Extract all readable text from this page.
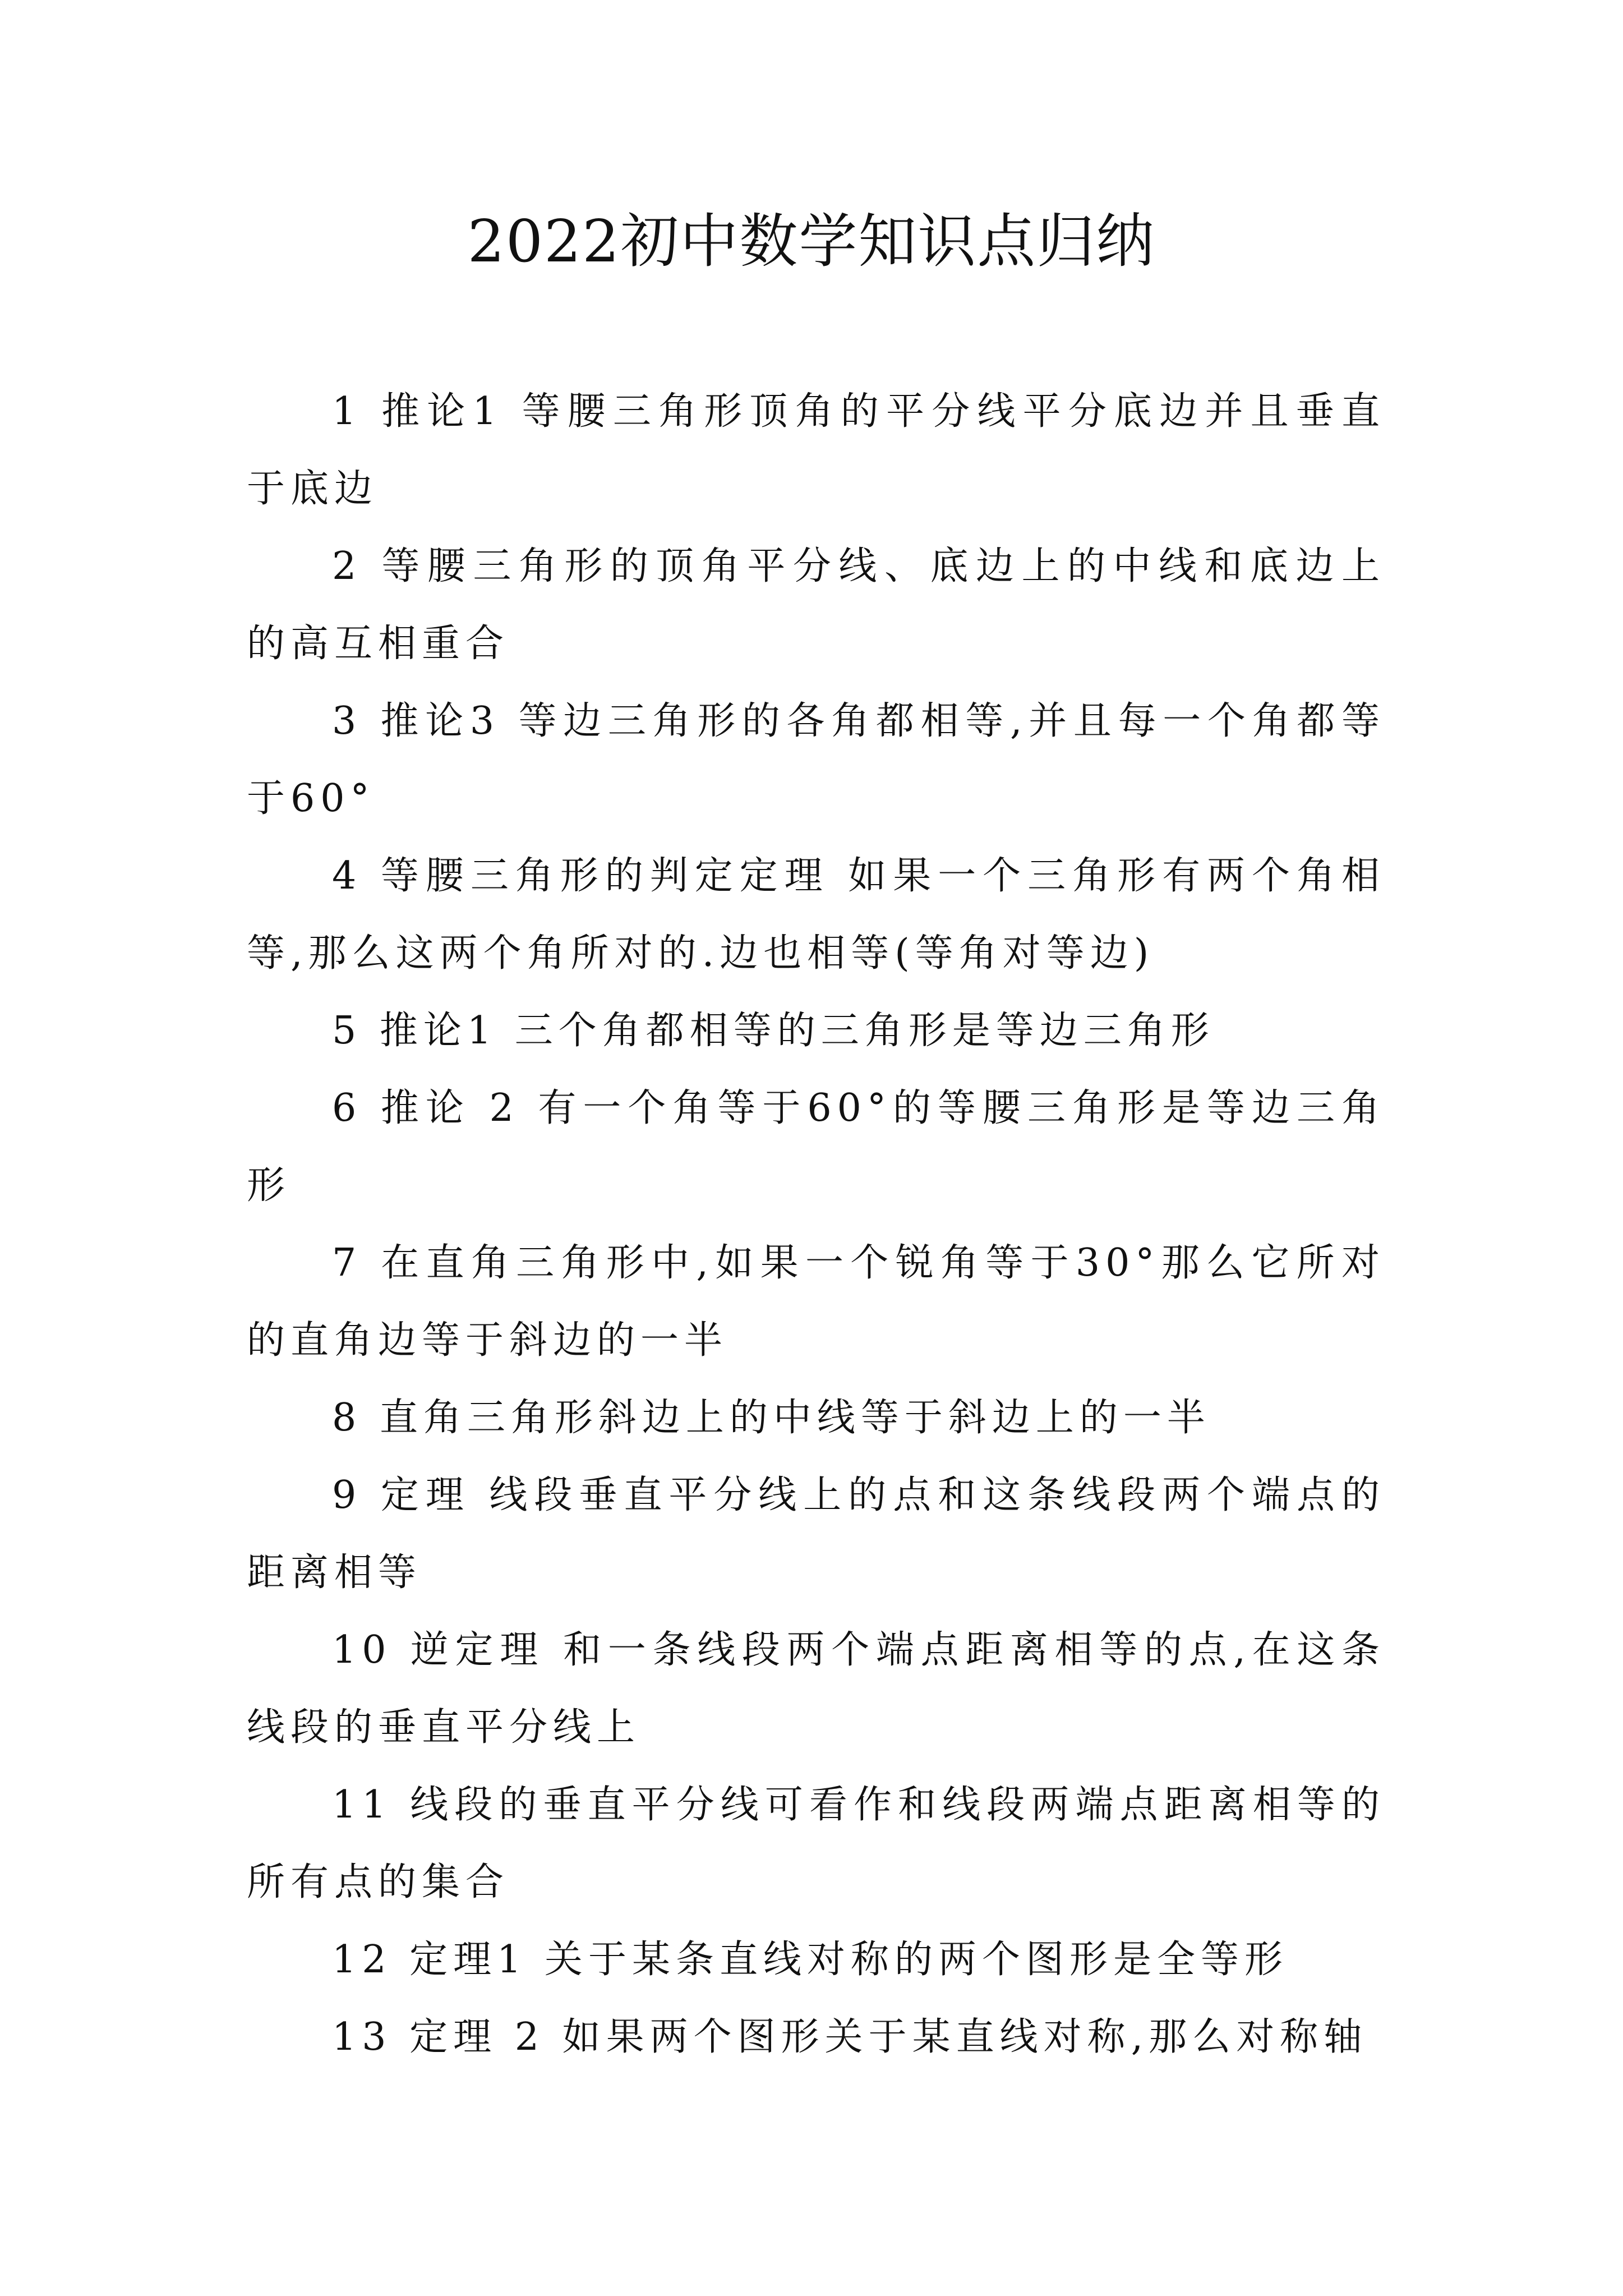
2022初中数学知识点归纳
1 推论1 等腰三角形顶角的平分线平分底边并且垂直于底边
2 等腰三角形的顶角平分线、底边上的中线和底边上的高互相重合
3 推论3 等边三角形的各角都相等,并且每一个角都等于60°
4 等腰三角形的判定定理 如果一个三角形有两个角相等,那么这两个角所对的.边也相等(等角对等边)
5 推论1 三个角都相等的三角形是等边三角形
6 推论 2 有一个角等于60°的等腰三角形是等边三角形
7 在直角三角形中,如果一个锐角等于30°那么它所对的直角边等于斜边的一半
8 直角三角形斜边上的中线等于斜边上的一半
9 定理 线段垂直平分线上的点和这条线段两个端点的距离相等
10 逆定理 和一条线段两个端点距离相等的点,在这条线段的垂直平分线上
11 线段的垂直平分线可看作和线段两端点距离相等的所有点的集合
12 定理1 关于某条直线对称的两个图形是全等形
13 定理 2 如果两个图形关于某直线对称,那么对称轴
